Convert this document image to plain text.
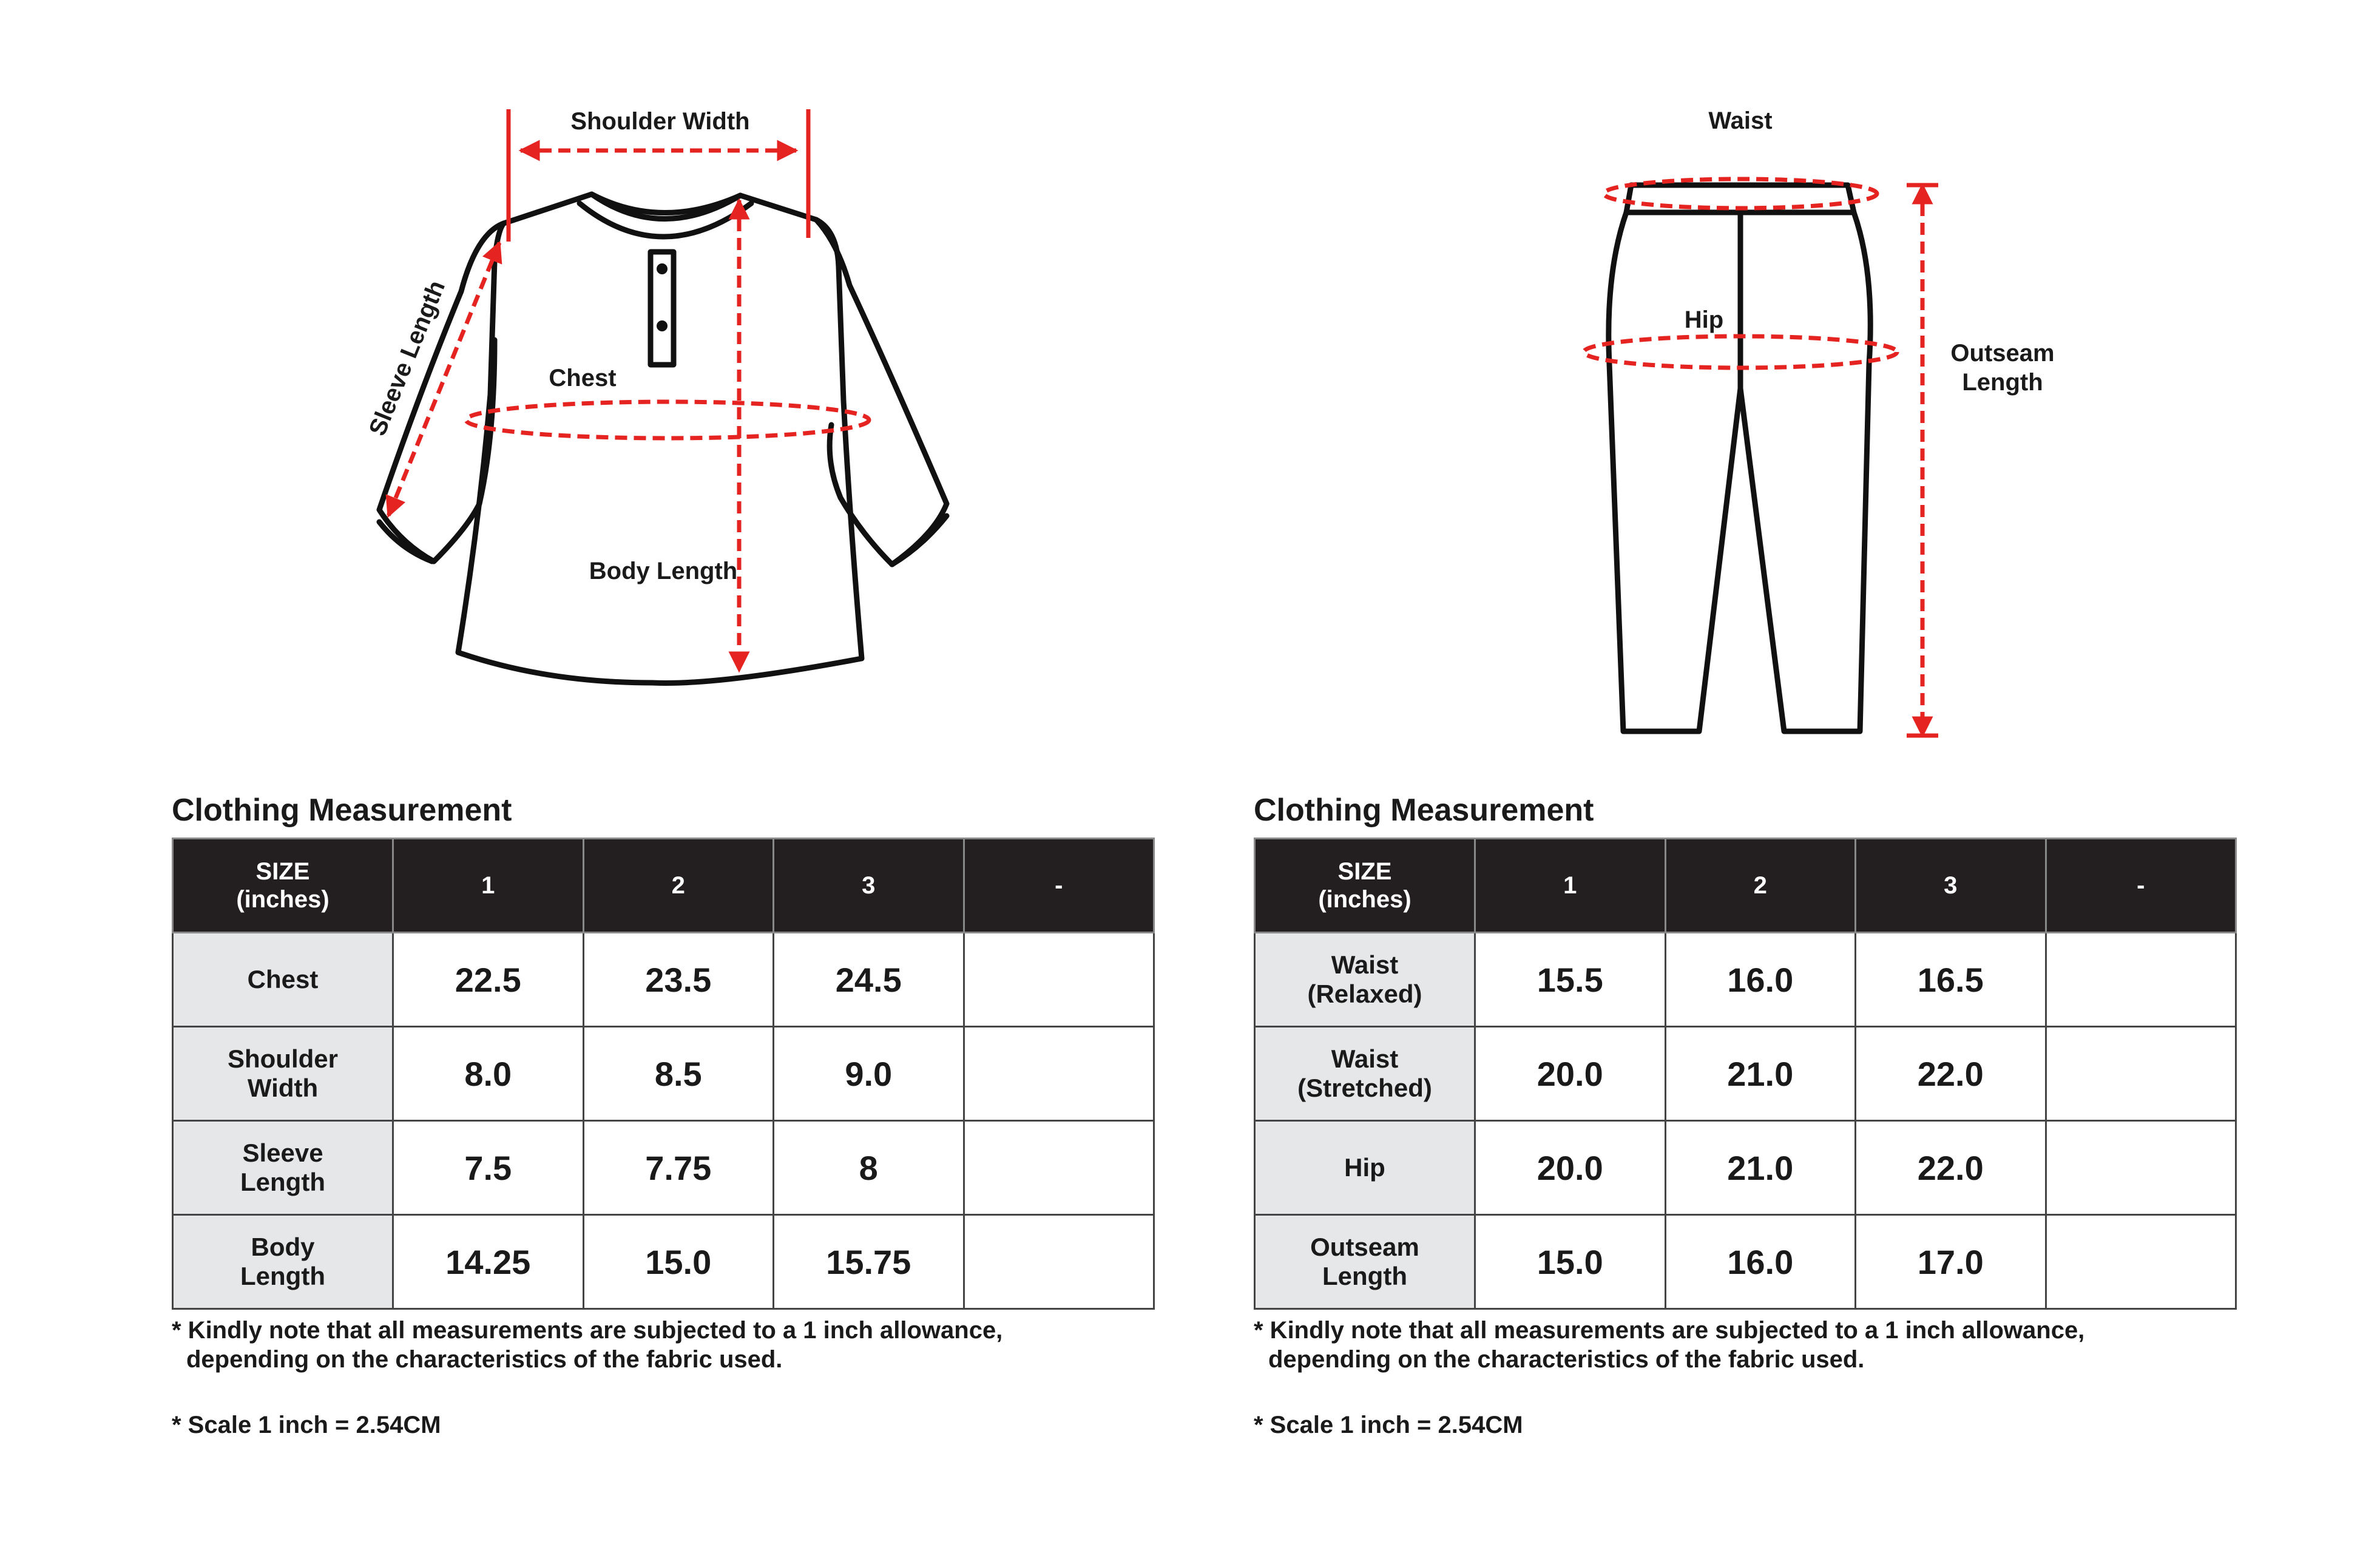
Shoulder Width
Sleeve Length	Chest
Body Length
Waist
Hip
Outseam
Length
Clothing Measurement
SIZE
(inches)	1	2	3	-
Chest	22.5	23.5	24.5	
Shoulder
Width	8.0	8.5	9.0	
Sleeve
Length	7.5	7.75	8	
Body
Length	14.25	15.0	15.75	
* Kindly note that all measurements are subjected to a 1 inch allowance,
depending on the characteristics of the fabric used.
* Scale 1 inch = 2.54CM
Clothing Measurement
SIZE
(inches)	1	2	3	-
Waist
(Relaxed)	15.5	16.0	16.5	
Waist
(Stretched)	20.0	21.0	22.0	
Hip	20.0	21.0	22.0	
Outseam
Length	15.0	16.0	17.0	
* Kindly note that all measurements are subjected to a 1 inch allowance,
depending on the characteristics of the fabric used.
* Scale 1 inch = 2.54CM
